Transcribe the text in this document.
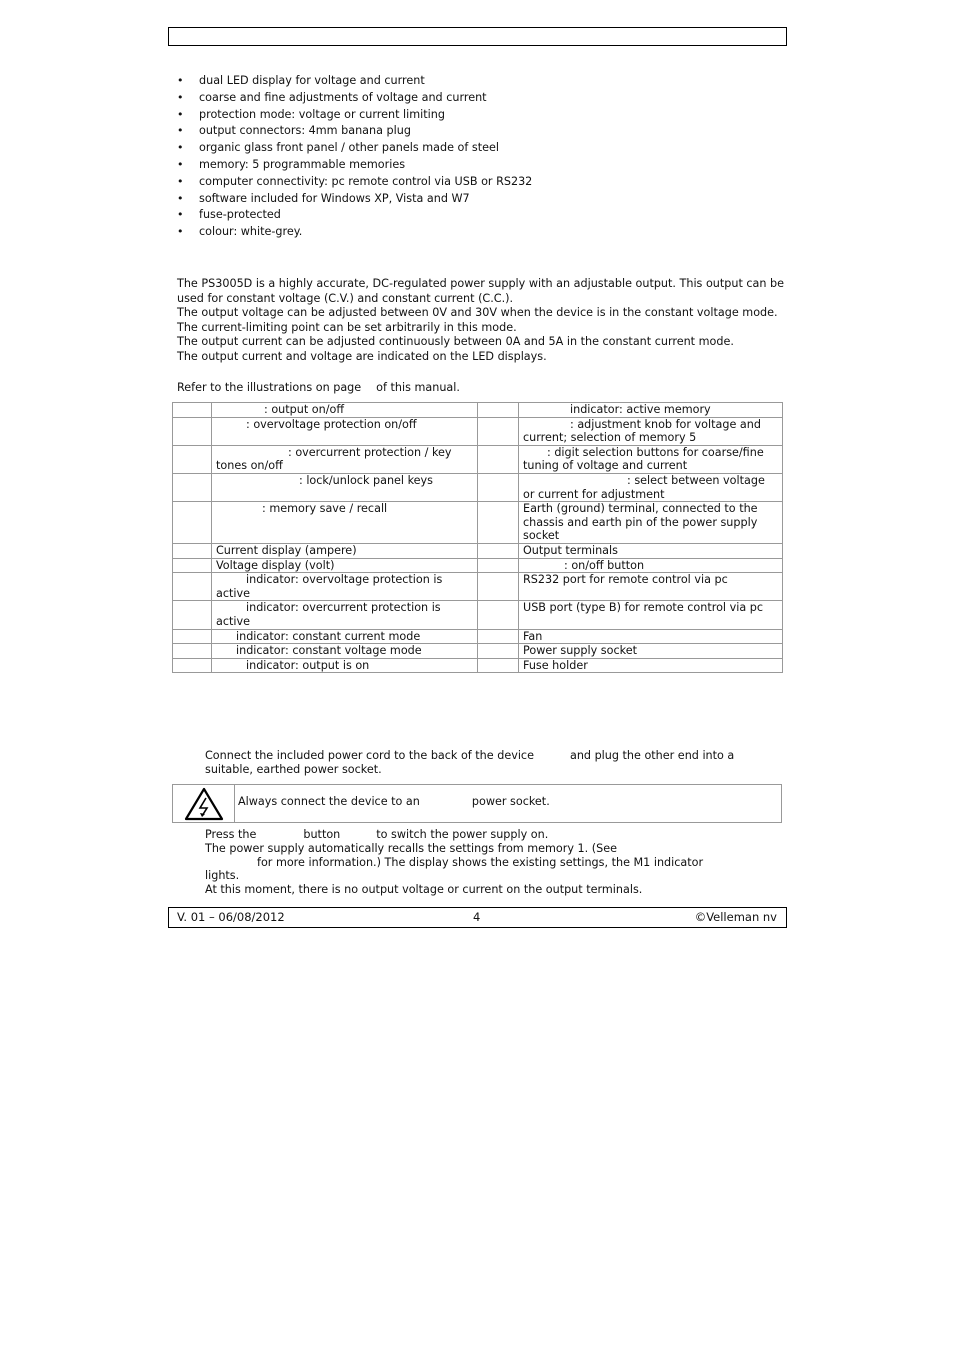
• dual LED display for voltage and current
• coarse and fine adjustments of voltage and current
• protection mode: voltage or current limiting
• output connectors: 4mm banana plug
• organic glass front panel / other panels made of steel
• memory: 5 programmable memories
• computer connectivity: pc remote control via USB or RS232
• software included for Windows XP, Vista and W7
• fuse-protected
• colour: white-grey.

The PS3005D is a highly accurate, DC-regulated power supply with an adjustable output. This output can be used for constant voltage (C.V.) and constant current (C.C.).

The output voltage can be adjusted between 0V and 30V when the device is in the constant voltage mode. The current-limiting point can be set arbitrarily in this mode.

The output current can be adjusted continuously between 0A and 5A in the constant current mode.

The output current and voltage are indicated on the LED displays.

Refer to the illustrations on page of this manual.
	: output on/off		indicator: active memory
	: overvoltage protection on/off		: adjustment knob for voltage and current; selection of memory 5
	: overcurrent protection / key tones on/off		: digit selection buttons for coarse/fine tuning of voltage and current
	: lock/unlock panel keys		: select between voltage or current for adjustment
	: memory save / recall		Earth (ground) terminal, connected to the chassis and earth pin of the power supply socket
	Current display (ampere)		Output terminals
	Voltage display (volt)		: on/off button
	indicator: overvoltage protection is active		RS232 port for remote control via pc
	indicator: overcurrent protection is active		USB port (type B) for remote control via pc
	indicator: constant current mode		Fan
	indicator: constant voltage mode		Power supply socket
	indicator: output is on		Fuse holder
Connect the included power cord to the back of the device	and plug the other end into a
suitable, earthed power socket.
Always connect the device to an	power socket.
Press the	button	to switch the power supply on.
The power supply automatically recalls the settings from memory 1. (See
for more information.) The display shows the existing settings, the M1 indicator
lights.
At this moment, there is no output voltage or current on the output terminals.
V. 01 – 06/08/2012	4	©Velleman nv
